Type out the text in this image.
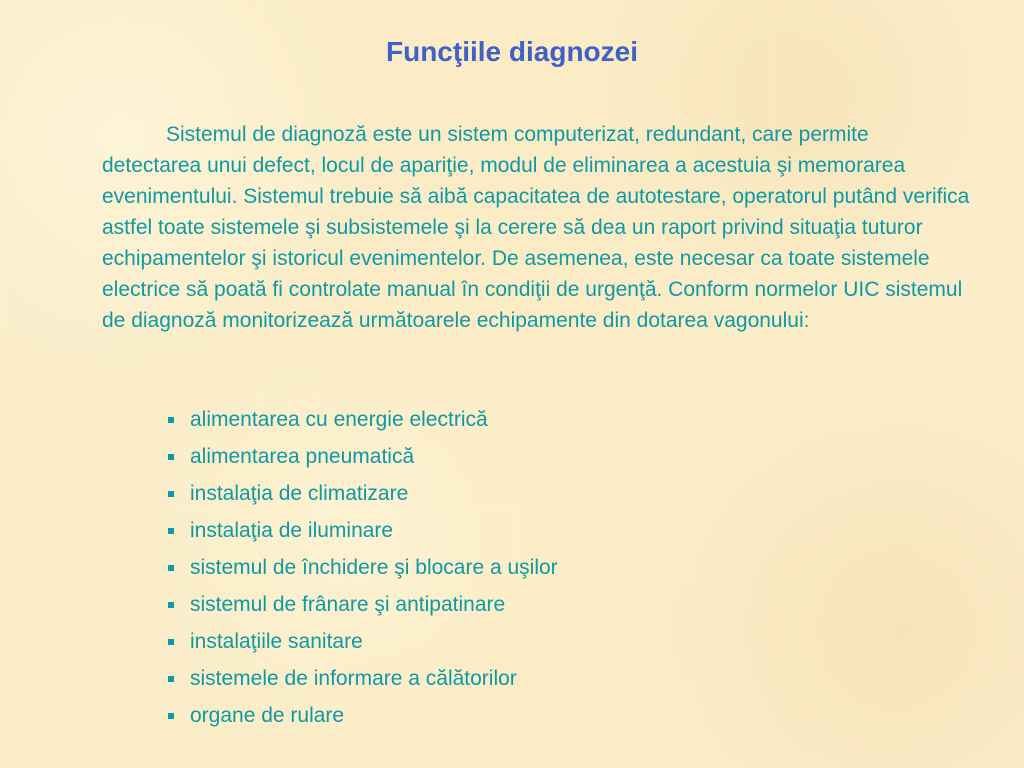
Funcţiile diagnozei

Sistemul de diagnoză este un sistem computerizat, redundant, care permite detectarea unui defect, locul de apariţie, modul de eliminarea a acestuia şi memorarea evenimentului. Sistemul trebuie să aibă capacitatea de autotestare, operatorul putând verifica astfel toate sistemele şi subsistemele şi la cerere să dea un raport privind situaţia tuturor echipamentelor şi istoricul evenimentelor. De asemenea, este necesar ca toate sistemele electrice să poată fi controlate manual în condiţii de urgenţă. Conform normelor UIC sistemul de diagnoză monitorizează următoarele echipamente din dotarea vagonului:

alimentarea cu energie electrică
alimentarea pneumatică
instalaţia de climatizare
instalaţia de iluminare
sistemul de închidere şi blocare a uşilor
sistemul de frânare şi antipatinare
instalaţiile sanitare
sistemele de informare a călătorilor
organe de rulare
